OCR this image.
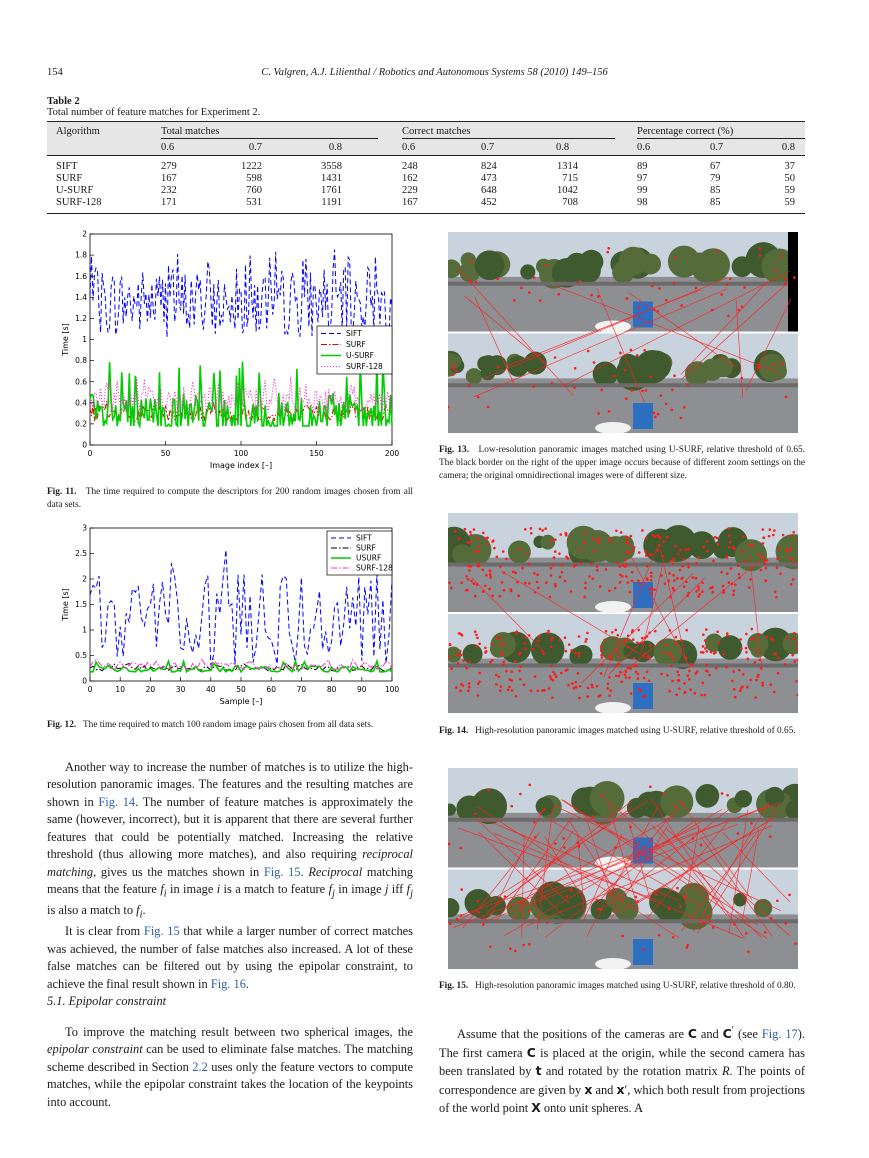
154	C. Valgren, A.J. Lilienthal / Robotics and Autonomous Systems 58 (2010) 149–156
Table 2
Total number of feature matches for Experiment 2.
Algorithm	Total matches	Correct matches	Percentage correct (%)
0.6	0.7	0.8	0.6	0.7	0.8	0.6	0.7	0.8
SIFT	279	1222	3558	248	824	1314	89	67	37
SURF	167	598	1431	162	473	715	97	79	50
U-SURF	232	760	1761	229	648	1042	99	85	59
SURF-128	171	531	1191	167	452	708	98	85	59
0	50	100	150	200
0
0.2
0.4
0.6
0.8
1
1.2
1.4
1.6
1.8
2
Image index [–]
Time [s]	SIFT
SURF
U-SURF
SURF-128
Fig. 11. The time required to compute the descriptors for 200 random images chosen from all data sets.
0	10	20	30	40	50	60	70	80	90 100
0
0.5
1
1.5
2
2.5
3
Sample [–]
Time [s]
SIFT
SURF
USURF
SURF-128
Fig. 12. The time required to match 100 random image pairs chosen from all data sets.

Another way to increase the number of matches is to utilize the high-resolution panoramic images. The features and the resulting matches are shown in Fig. 14. The number of feature matches is approximately the same (however, incorrect), but it is apparent that there are several further features that could be potentially matched. Increasing the relative threshold (thus allowing more matches), and also requiring reciprocal matching, gives us the matches shown in Fig. 15. Reciprocal matching means that the feature $f_i$ in image i is a match to feature $f_j$ in image j iff $f_j$ is also a match to $f_i$.

It is clear from Fig. 15 that while a larger number of correct matches was achieved, the number of false matches also increased. A lot of these false matches can be filtered out by using the epipolar constraint, to achieve the final result shown in Fig. 16.

5.1. Epipolar constraint

To improve the matching result between two spherical images, the epipolar constraint can be used to eliminate false matches. The matching scheme described in Section 2.2 uses only the feature vectors to compute matches, while the epipolar constraint takes the location of the keypoints into account.

Fig. 13. Low-resolution panoramic images matched using U-SURF, relative threshold of 0.65. The black border on the right of the upper image occurs because of different zoom settings on the camera; the original omnidirectional images were of different size.
Fig. 14. High-resolution panoramic images matched using U-SURF, relative threshold of 0.65.
Fig. 15. High-resolution panoramic images matched using U-SURF, relative threshold of 0.80.

Assume that the positions of the cameras are C and C′ (see Fig. 17). The first camera C is placed at the origin, while the second camera has been translated by t and rotated by the rotation matrix R. The points of correspondence are given by x and x′, which both result from projections of the world point X onto unit spheres. A
